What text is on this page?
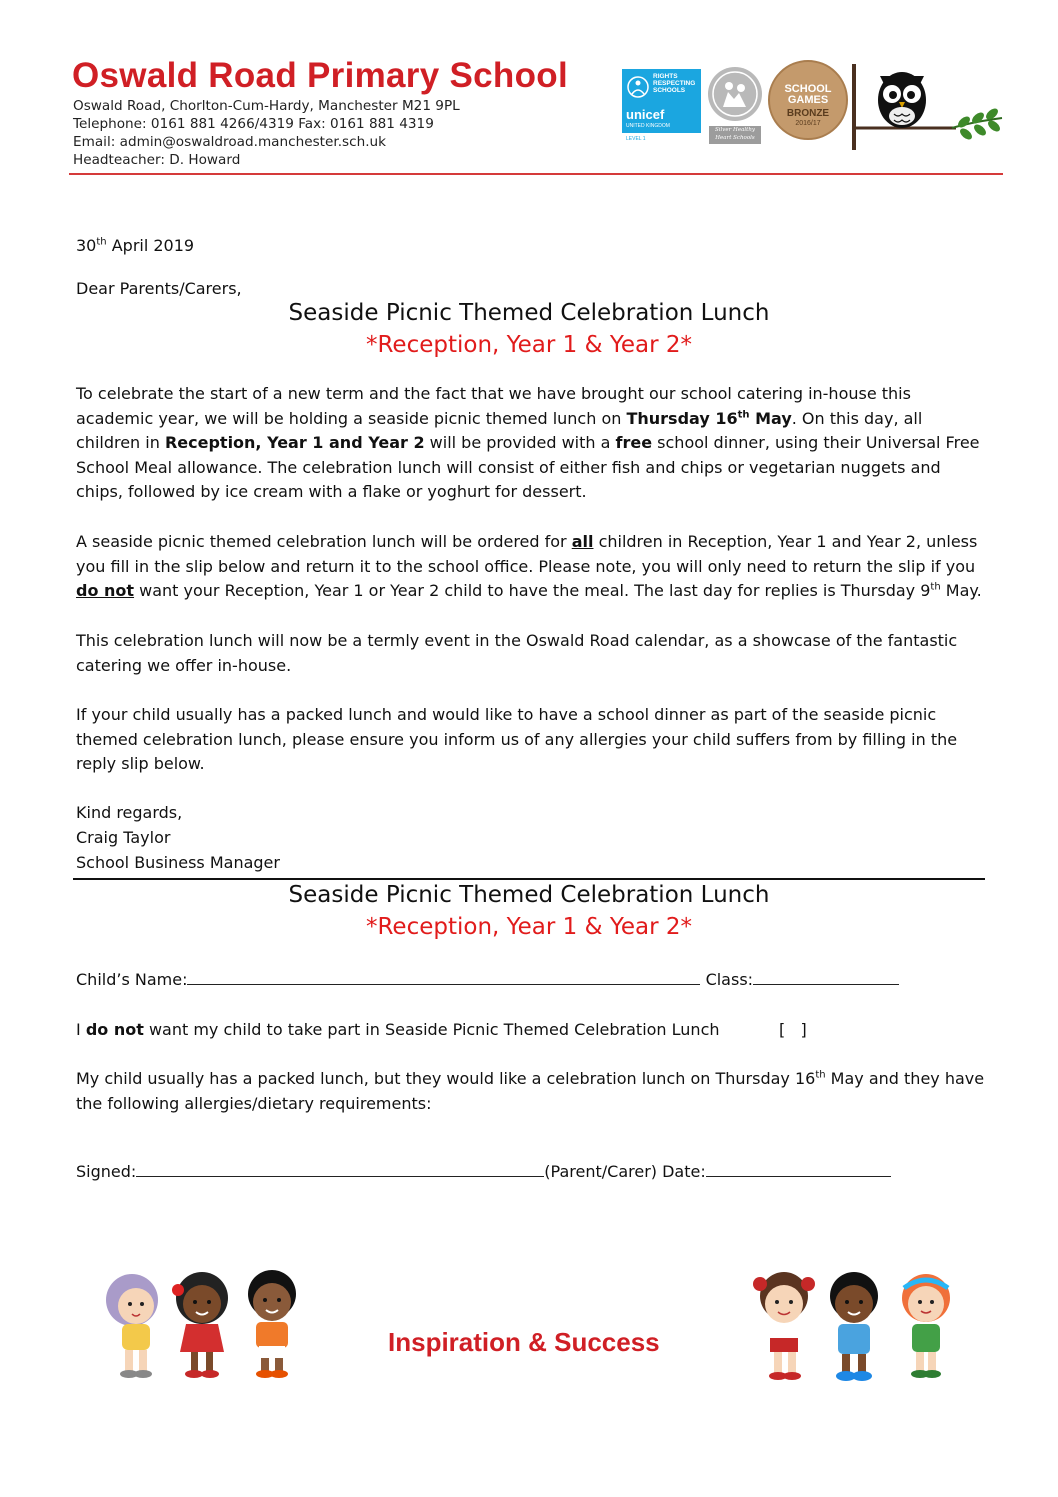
Oswald Road Primary School
Oswald Road, Chorlton-Cum-Hardy, Manchester M21 9PL
Telephone: 0161 881 4266/4319 Fax: 0161 881 4319
Email: admin@oswaldroad.manchester.sch.uk
Headteacher: D. Howard
RIGHTS RESPECTING SCHOOLS
unicef
UNITED KINGDOM
LEVEL 1
Silver Healthy Heart Schools
SCHOOL GAMES
BRONZE
2016/17
30th April 2019
Dear Parents/Carers,
Seaside Picnic Themed Celebration Lunch
*Reception, Year 1 & Year 2*
To celebrate the start of a new term and the fact that we have brought our school catering in-house this academic year, we will be holding a seaside picnic themed lunch on Thursday 16th May. On this day, all children in Reception, Year 1 and Year 2 will be provided with a free school dinner, using their Universal Free School Meal allowance. The celebration lunch will consist of either fish and chips or vegetarian nuggets and chips, followed by ice cream with a flake or yoghurt for dessert.
A seaside picnic themed celebration lunch will be ordered for all children in Reception, Year 1 and Year 2, unless you fill in the slip below and return it to the school office. Please note, you will only need to return the slip if you do not want your Reception, Year 1 or Year 2 child to have the meal. The last day for replies is Thursday 9th May.
This celebration lunch will now be a termly event in the Oswald Road calendar, as a showcase of the fantastic catering we offer in-house.
If your child usually has a packed lunch and would like to have a school dinner as part of the seaside picnic themed celebration lunch, please ensure you inform us of any allergies your child suffers from by filling in the reply slip below.
Kind regards,
Craig Taylor
School Business Manager
Seaside Picnic Themed Celebration Lunch
*Reception, Year 1 & Year 2*
Child’s Name:	Class:
I do not want my child to take part in Seaside Picnic Themed Celebration Lunch	[   ]
My child usually has a packed lunch, but they would like a celebration lunch on Thursday 16th May and they have the following allergies/dietary requirements:
Signed:	(Parent/Carer) Date:
Inspiration & Success
